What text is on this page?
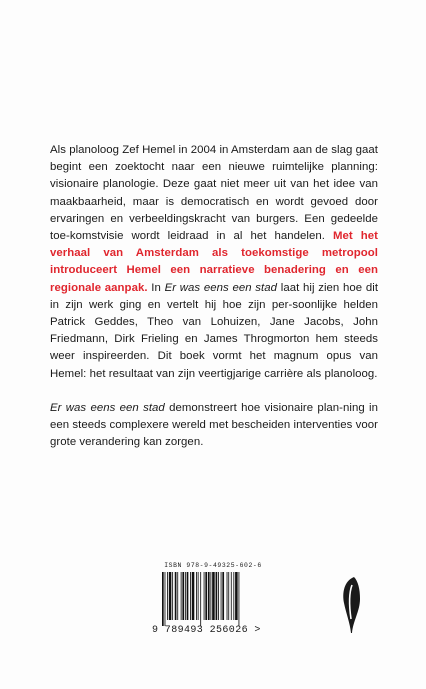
Als planoloog Zef Hemel in 2004 in Amsterdam aan de slag gaat begint een zoektocht naar een nieuwe ruimtelijke planning: visionaire planologie. Deze gaat niet meer uit van het idee van maakbaarheid, maar is democratisch en wordt gevoed door ervaringen en verbeeldingskracht van burgers. Een gedeelde toe-komstvisie wordt leidraad in al het handelen. Met het verhaal van Amsterdam als toekomstige metropool introduceert Hemel een narratieve benadering en een regionale aanpak. In Er was eens een stad laat hij zien hoe dit in zijn werk ging en vertelt hij hoe zijn per-soonlijke helden Patrick Geddes, Theo van Lohuizen, Jane Jacobs, John Friedmann, Dirk Frieling en James Throgmorton hem steeds weer inspireerden. Dit boek vormt het magnum opus van Hemel: het resultaat van zijn veertigjarige carrière als planoloog.

Er was eens een stad demonstreert hoe visionaire plan-ning in een steeds complexere wereld met bescheiden interventies voor grote verandering kan zorgen.

ISBN 978-9-49325-602-6
9 789493 256026 >
